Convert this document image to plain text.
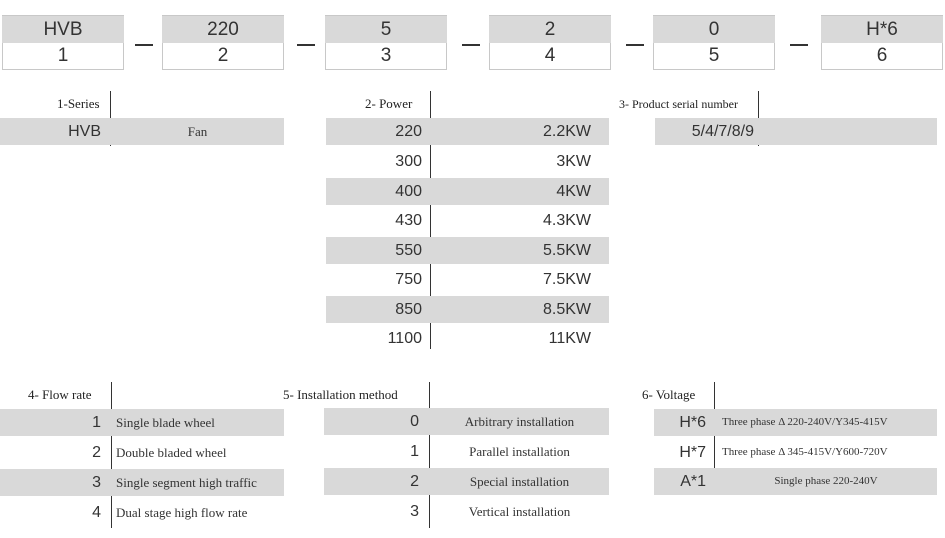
HVB
1
220
2
5
3
2
4
0
5
H*6
6
1-Series
HVB	Fan
2- Power
220	2.2KW
300	3KW
400	4KW
430	4.3KW
550	5.5KW
750	7.5KW
850	8.5KW
1100	11KW
3- Product serial number
5/4/7/8/9
4- Flow rate
1 Single blade wheel
2 Double bladed wheel
3 Single segment high traffic
4 Dual stage high flow rate
5- Installation method
0	Arbitrary installation
1	Parallel installation
2	Special installation
3	Vertical installation
6- Voltage
H*6 Three phase Δ 220-240V/Y345-415V
H*7 Three phase Δ 345-415V/Y600-720V
A*1	Single phase 220-240V
